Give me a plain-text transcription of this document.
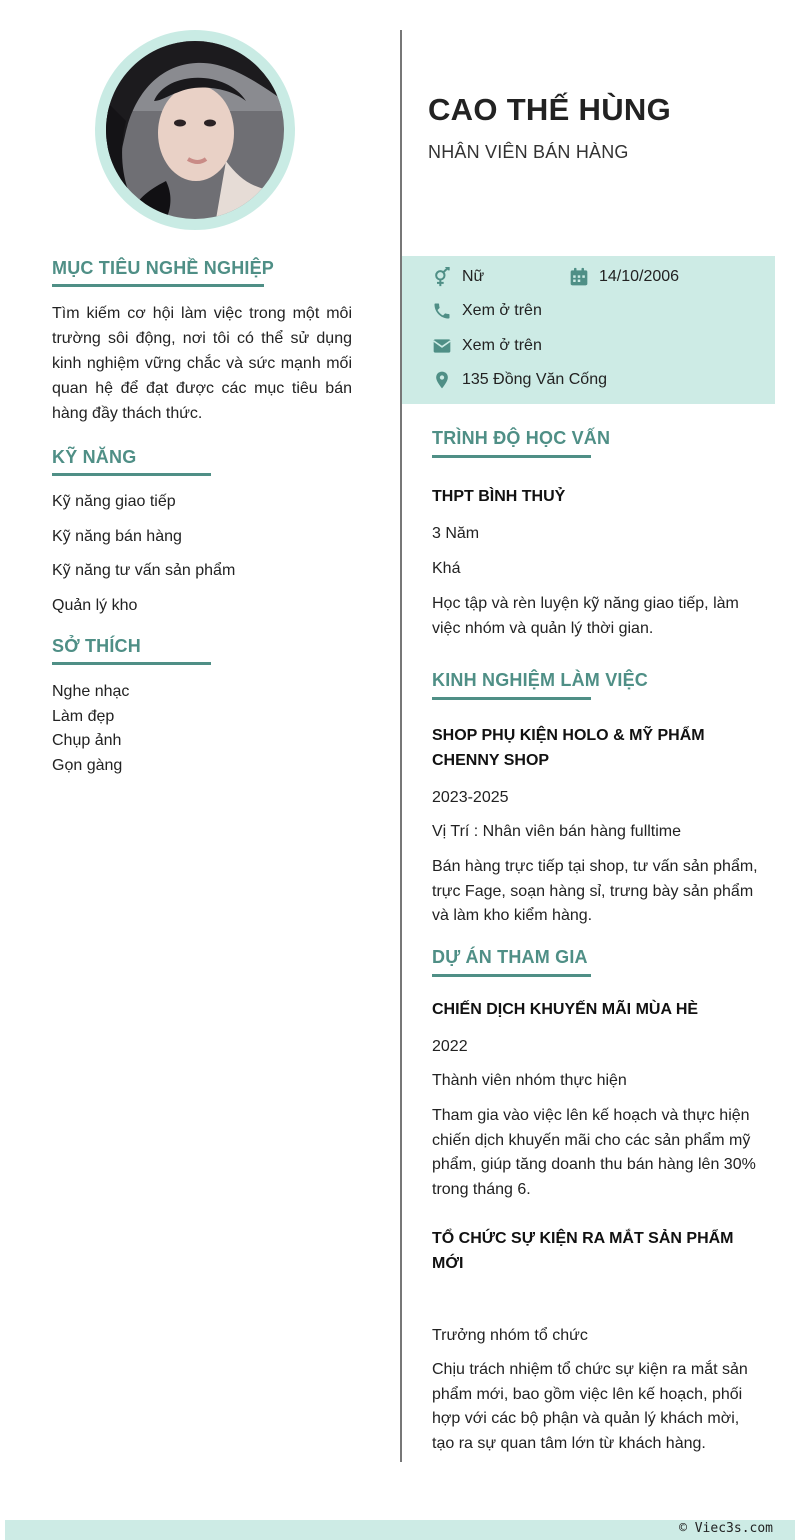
MỤC TIÊU NGHỀ NGHIỆP
Tìm kiếm cơ hội làm việc trong một môi trường sôi động, nơi tôi có thể sử dụng kinh nghiệm vững chắc và sức mạnh mối quan hệ để đạt được các mục tiêu bán hàng đầy thách thức.
KỸ NĂNG
Kỹ năng giao tiếp
Kỹ năng bán hàng
Kỹ năng tư vấn sản phẩm
Quản lý kho
SỞ THÍCH
Nghe nhạc
Làm đẹp
Chụp ảnh
Gọn gàng
CAO THẾ HÙNG
NHÂN VIÊN BÁN HÀNG
Nữ	14/10/2006
Xem ở trên
Xem ở trên
135 Đồng Văn Cống
TRÌNH ĐỘ HỌC VẤN
THPT BÌNH THUỶ
3 Năm
Khá
Học tập và rèn luyện kỹ năng giao tiếp, làm việc nhóm và quản lý thời gian.
KINH NGHIỆM LÀM VIỆC
SHOP PHỤ KIỆN HOLO & MỸ PHẨM CHENNY SHOP
2023-2025
Vị Trí : Nhân viên bán hàng fulltime
Bán hàng trực tiếp tại shop, tư vấn sản phẩm, trực Fage, soạn hàng sỉ, trưng bày sản phẩm và làm kho kiểm hàng.
DỰ ÁN THAM GIA
CHIẾN DỊCH KHUYẾN MÃI MÙA HÈ
2022
Thành viên nhóm thực hiện
Tham gia vào việc lên kế hoạch và thực hiện chiến dịch khuyến mãi cho các sản phẩm mỹ phẩm, giúp tăng doanh thu bán hàng lên 30% trong tháng 6.
TỔ CHỨC SỰ KIỆN RA MẮT SẢN PHẨM MỚI
Trưởng nhóm tổ chức
Chịu trách nhiệm tổ chức sự kiện ra mắt sản phẩm mới, bao gồm việc lên kế hoạch, phối hợp với các bộ phận và quản lý khách mời, tạo ra sự quan tâm lớn từ khách hàng.
© Viec3s.com
